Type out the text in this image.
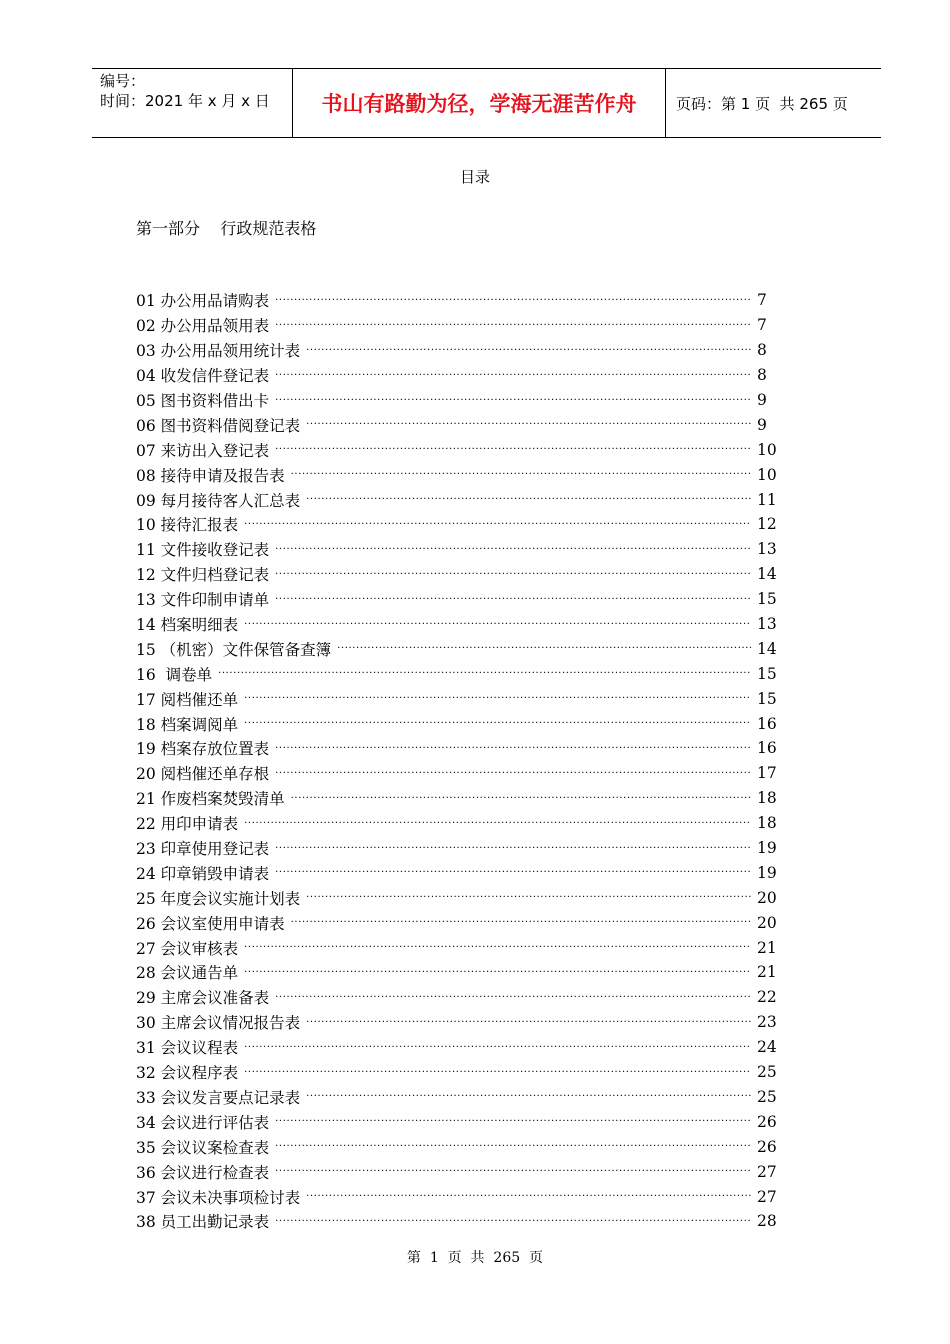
编号：
时间：2021 年 x 月 x 日	书山有路勤为径，学海无涯苦作舟	页码：第 1 页  共 265 页
目录
第一部分    行政规范表格
01 办公用品请购表 ·····	7
02 办公用品领用表 ·····	7
03 办公用品领用统计表 ·····	8
04 收发信件登记表 ·····	8
05 图书资料借出卡 ·····	9
06 图书资料借阅登记表 ·····	9
07 来访出入登记表 ·····	10
08 接待申请及报告表 ·····	10
09 每月接待客人汇总表 ·····	11
10 接待汇报表 ·····	12
11 文件接收登记表 ·····	13
12 文件归档登记表 ·····	14
13 文件印制申请单 ·····	15
14 档案明细表 ·····	13
15 （机密）文件保管备查簿 ·····	14
16  调卷单 ·····	15
17 阅档催还单 ·····	15
18 档案调阅单 ·····	16
19 档案存放位置表 ·····	16
20 阅档催还单存根 ·····	17
21 作废档案焚毁清单 ·····	18
22 用印申请表 ·····	18
23 印章使用登记表 ·····	19
24 印章销毁申请表 ·····	19
25 年度会议实施计划表 ·····	20
26 会议室使用申请表 ·····	20
27 会议审核表 ·····	21
28 会议通告单 ·····	21
29 主席会议准备表 ·····	22
30 主席会议情况报告表 ·····	23
31 会议议程表 ·····	24
32 会议程序表 ·····	25
33 会议发言要点记录表 ·····	25
34 会议进行评估表 ·····	26
35 会议议案检查表 ·····	26
36 会议进行检查表 ·····	27
37 会议未决事项检讨表 ·····	27
38 员工出勤记录表 ·····	28
第  1  页  共  265  页
